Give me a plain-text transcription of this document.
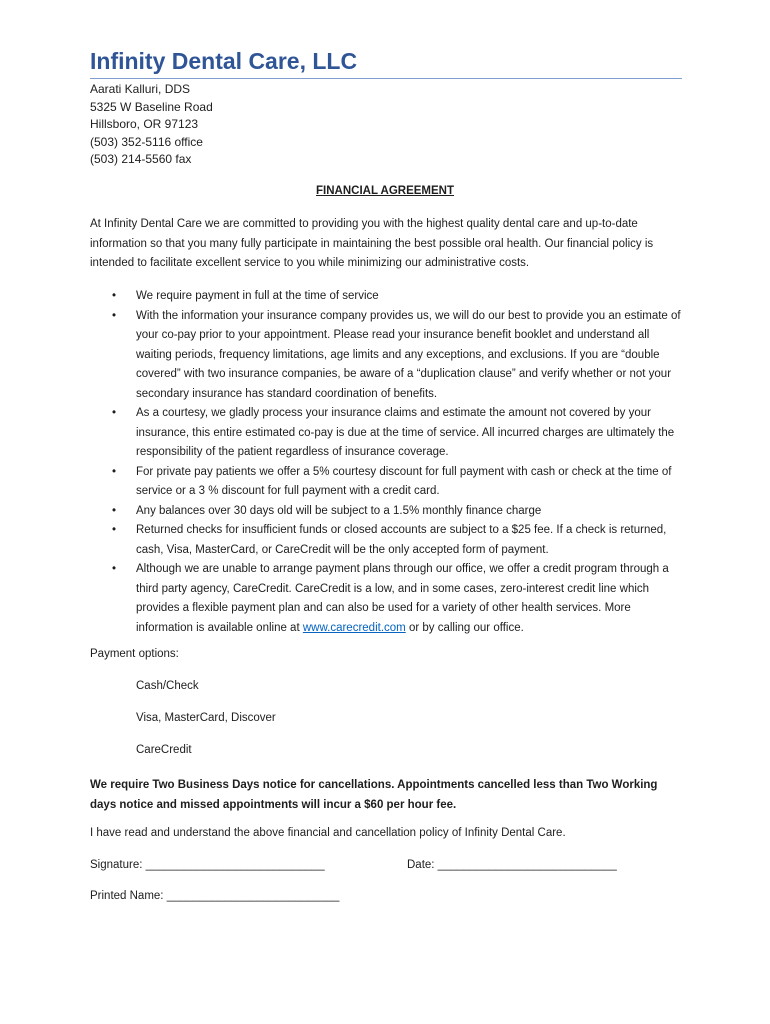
Infinity Dental Care, LLC
Aarati Kalluri, DDS
5325 W Baseline Road
Hillsboro, OR 97123
(503) 352-5116 office
(503) 214-5560 fax
FINANCIAL AGREEMENT
At Infinity Dental Care we are committed to providing you with the highest quality dental care and up-to-date information so that you many fully participate in maintaining the best possible oral health. Our financial policy is intended to facilitate excellent service to you while minimizing our administrative costs.
• We require payment in full at the time of service
• With the information your insurance company provides us, we will do our best to provide you an estimate of your co-pay prior to your appointment. Please read your insurance benefit booklet and understand all waiting periods, frequency limitations, age limits and any exceptions, and exclusions. If you are “double covered” with two insurance companies, be aware of a “duplication clause” and verify whether or not your secondary insurance has standard coordination of benefits.
• As a courtesy, we gladly process your insurance claims and estimate the amount not covered by your insurance, this entire estimated co-pay is due at the time of service. All incurred charges are ultimately the responsibility of the patient regardless of insurance coverage.
• For private pay patients we offer a 5% courtesy discount for full payment with cash or check at the time of service or a 3 % discount for full payment with a credit card.
• Any balances over 30 days old will be subject to a 1.5% monthly finance charge
• Returned checks for insufficient funds or closed accounts are subject to a $25 fee. If a check is returned, cash, Visa, MasterCard, or CareCredit will be the only accepted form of payment.
• Although we are unable to arrange payment plans through our office, we offer a credit program through a third party agency, CareCredit. CareCredit is a low, and in some cases, zero-interest credit line which provides a flexible payment plan and can also be used for a variety of other health services. More information is available online at www.carecredit.com or by calling our office.
Payment options:
Cash/Check
Visa, MasterCard, Discover
CareCredit
We require Two Business Days notice for cancellations. Appointments cancelled less than Two Working days notice and missed appointments will incur a $60 per hour fee.
I have read and understand the above financial and cancellation policy of Infinity Dental Care.
Signature: ____________________________	Date: ____________________________
Printed Name: ___________________________
